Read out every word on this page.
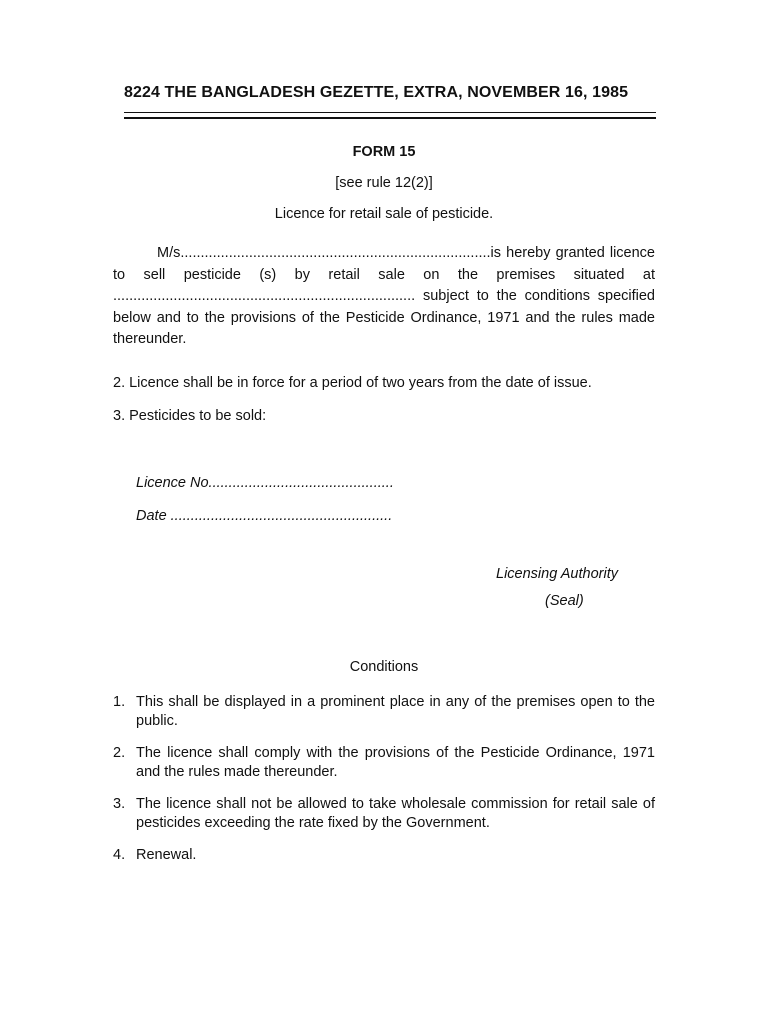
8224 THE BANGLADESH GEZETTE, EXTRA, NOVEMBER 16, 1985
FORM 15
[see rule 12(2)]
Licence for retail sale of pesticide.
M/s.............................................................................is hereby granted licence to sell pesticide (s) by retail sale on the premises situated at ........................................................................... subject to the conditions specified below and to the provisions of the Pesticide Ordinance, 1971 and the rules made thereunder.
2. Licence shall be in force for a period of two years from the date of issue.
3. Pesticides to be sold:
Licence No..............................................
Date .......................................................
Licensing Authority
(Seal)
Conditions
1. This shall be displayed in a prominent place in any of the premises open to the public.
2. The licence shall comply with the provisions of the Pesticide Ordinance, 1971 and the rules made thereunder.
3. The licence shall not be allowed to take wholesale commission for retail sale of pesticides exceeding the rate fixed by the Government.
4. Renewal.
